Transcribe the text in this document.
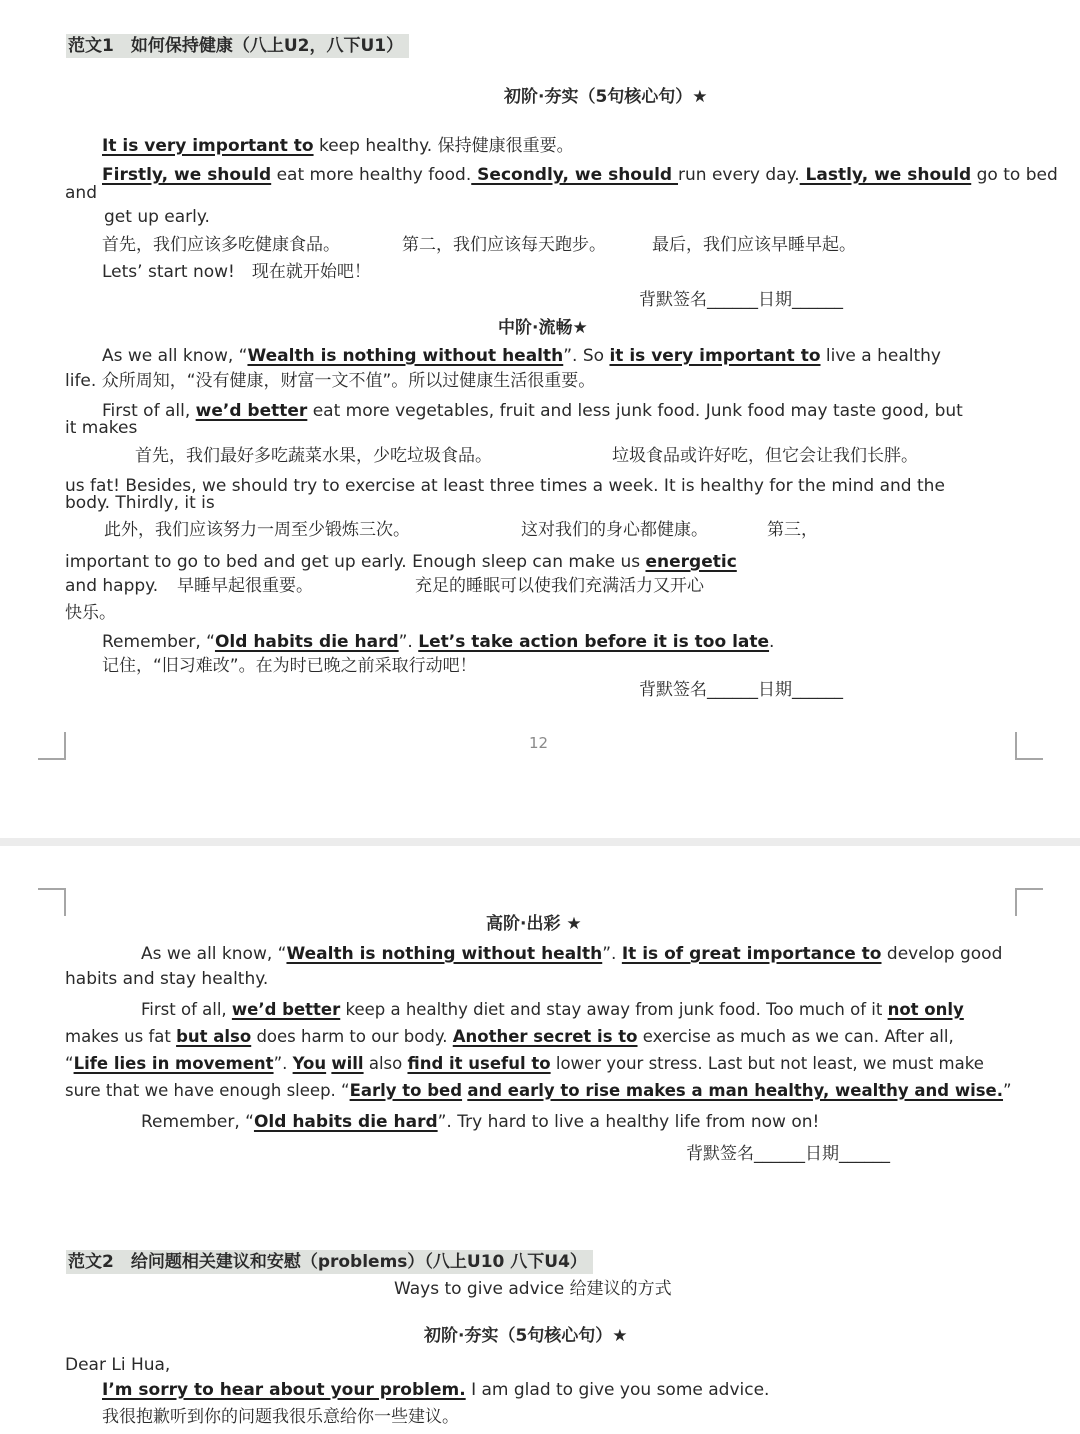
范文1　如何保持健康（八上U2，八下U1）
初阶·夯实（5句核心句）★
It is very important to keep healthy. 保持健康很重要。
Firstly, we should eat more healthy food. Secondly, we should run every day. Lastly, we should go to bed
and
get up early.
首先，我们应该多吃健康食品。	第二，我们应该每天跑步。	最后，我们应该早睡早起。
Lets’ start now!　现在就开始吧！
背默签名______日期______
中阶·流畅★
As we all know, “Wealth is nothing without health”. So it is very important to live a healthy
life. 众所周知，“没有健康，财富一文不值”。所以过健康生活很重要。
First of all, we’d better eat more vegetables, fruit and less junk food. Junk food may taste good, but
it makes
首先，我们最好多吃蔬菜水果，少吃垃圾食品。	垃圾食品或许好吃，但它会让我们长胖。
us fat! Besides, we should try to exercise at least three times a week. It is healthy for the mind and the
body. Thirdly, it is
此外，我们应该努力一周至少锻炼三次。	这对我们的身心都健康。	第三，
important to go to bed and get up early. Enough sleep can make us energetic
and happy. 早睡早起很重要。	充足的睡眠可以使我们充满活力又开心
快乐。
Remember, “Old habits die hard”. Let’s take action before it is too late.
记住，“旧习难改”。在为时已晚之前采取行动吧！
背默签名______日期______
12
高阶·出彩 ★
As we all know, “Wealth is nothing without health”. It is of great importance to develop good
habits and stay healthy.
First of all, we’d better keep a healthy diet and stay away from junk food. Too much of it not only
makes us fat but also does harm to our body. Another secret is to exercise as much as we can. After all,
“Life lies in movement”. You will also find it useful to lower your stress. Last but not least, we must make
sure that we have enough sleep. “Early to bed and early to rise makes a man healthy, wealthy and wise.”
Remember, “Old habits die hard”. Try hard to live a healthy life from now on!
背默签名______日期______
范文2　给问题相关建议和安慰（problems）（八上U10 八下U4）
Ways to give advice 给建议的方式
初阶·夯实（5句核心句）★
Dear Li Hua,
I’m sorry to hear about your problem. I am glad to give you some advice.
我很抱歉听到你的问题我很乐意给你一些建议。
